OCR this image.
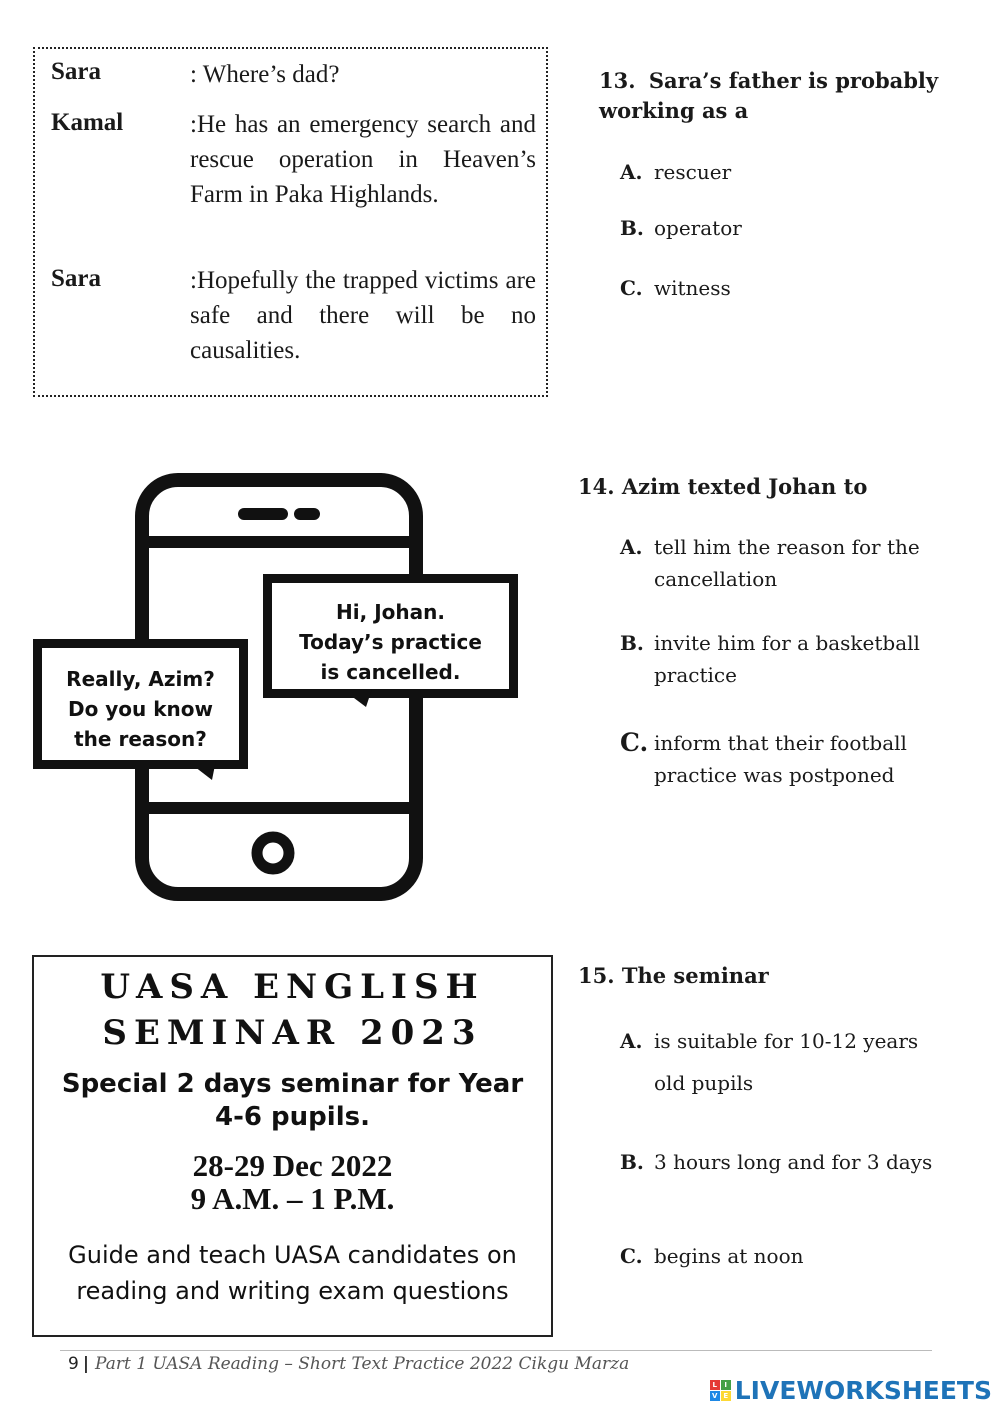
Sara	: Where’s dad?
Kamal	:He has an emergency search and rescue operation in Heaven’s Farm in Paka Highlands.
Sara	:Hopefully the trapped victims are safe and there will be no causalities.
13. Sara’s father is probably working as a
A. rescuer
B. operator
C. witness
Hi, Johan.
Today’s practice
is cancelled.
Really, Azim?
Do you know
the reason?
14. Azim texted Johan to
A. tell him the reason for the cancellation
B. invite him for a basketball practice
C. inform that their football practice was postponed
UASA ENGLISH
SEMINAR 2023
Special 2 days seminar for Year
4-6 pupils.
28-29 Dec 2022
9 A.M. – 1 P.M.
Guide and teach UASA candidates on
reading and writing exam questions
15. The seminar
A. is suitable for 10-12 years old pupils
B. 3 hours long and for 3 days
C. begins at noon
9 | Part 1 UASA Reading – Short Text Practice 2022 Cikgu Marza
L	I
V E LIVEWORKSHEETS
